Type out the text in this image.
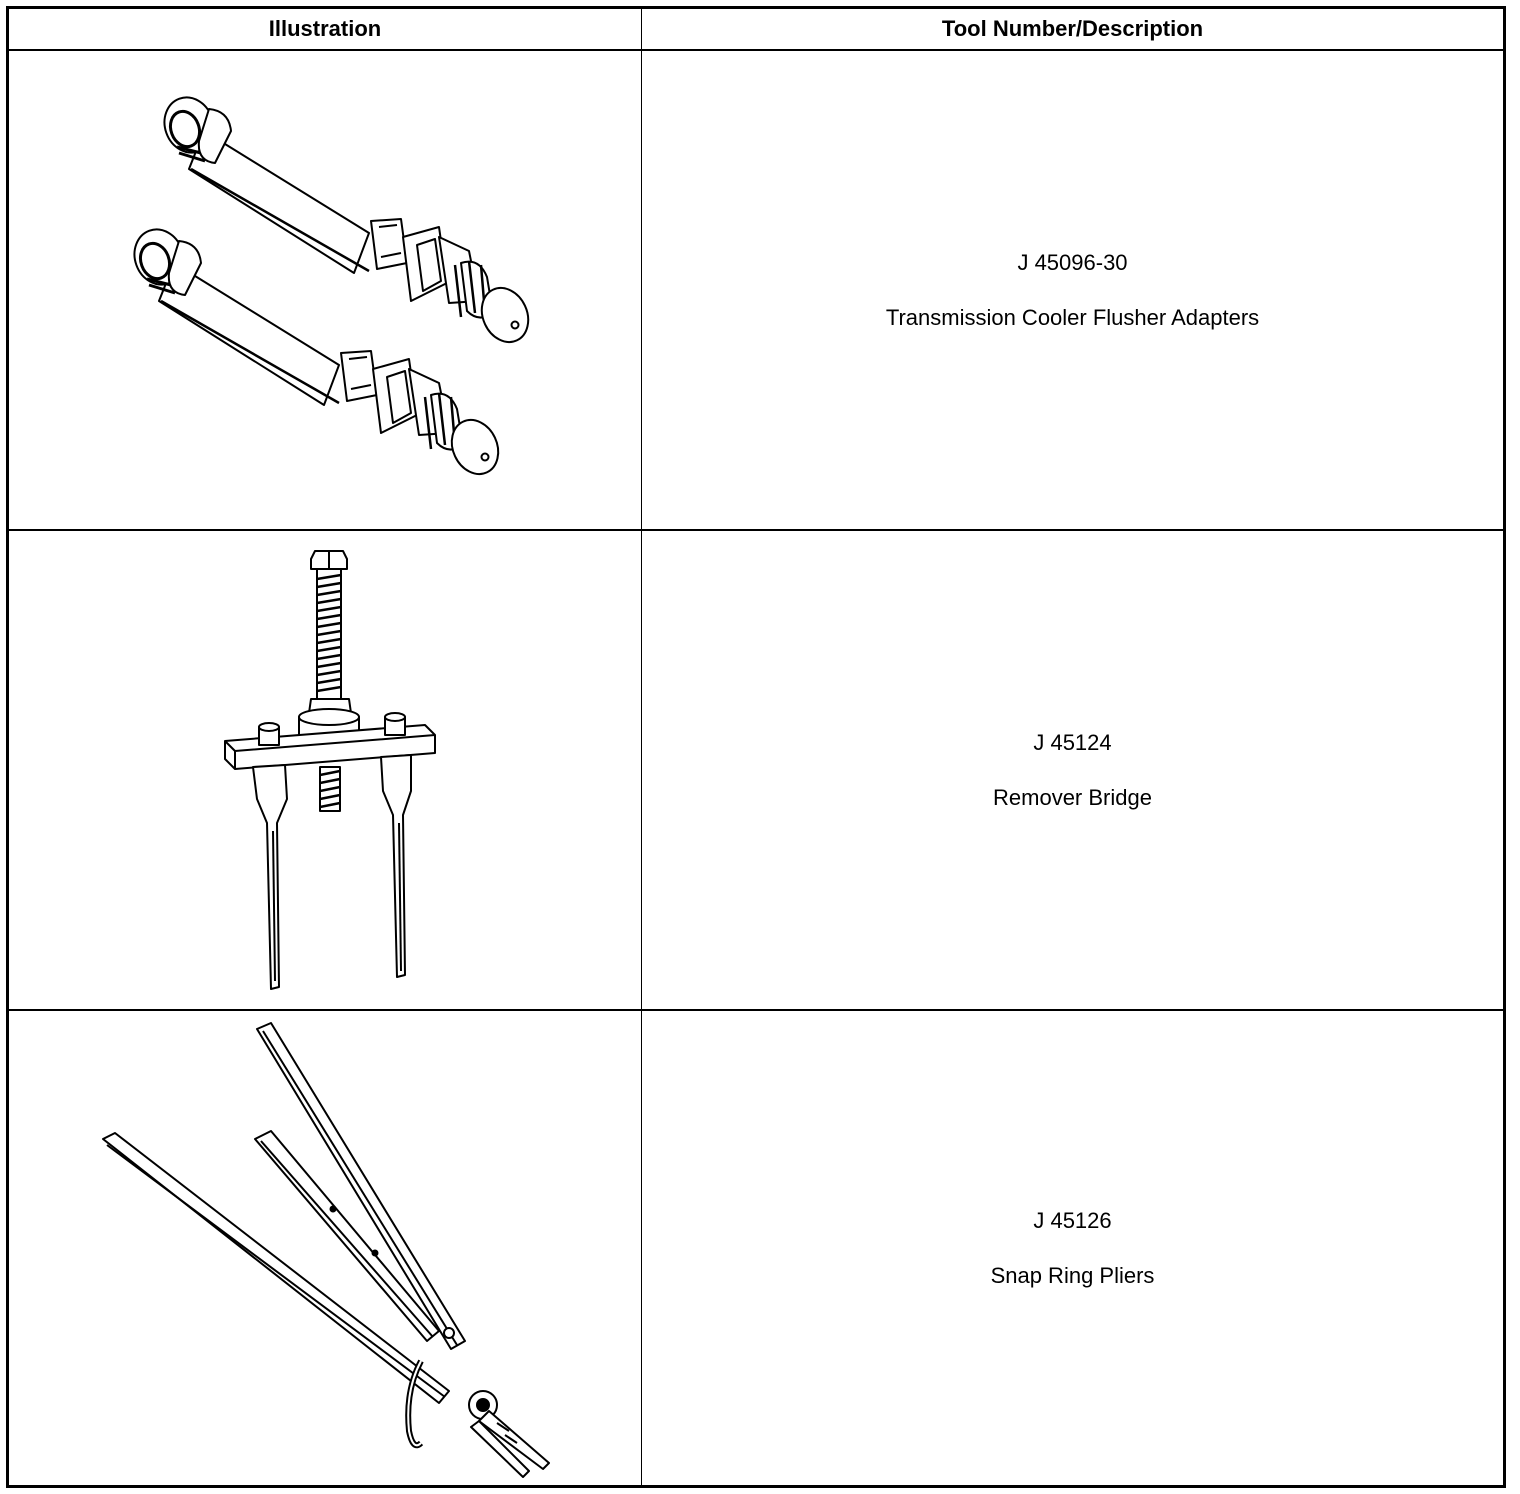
Illustration	Tool Number/Description
J 45096-30
Transmission Cooler Flusher Adapters
J 45124
Remover Bridge
J 45126
Snap Ring Pliers
